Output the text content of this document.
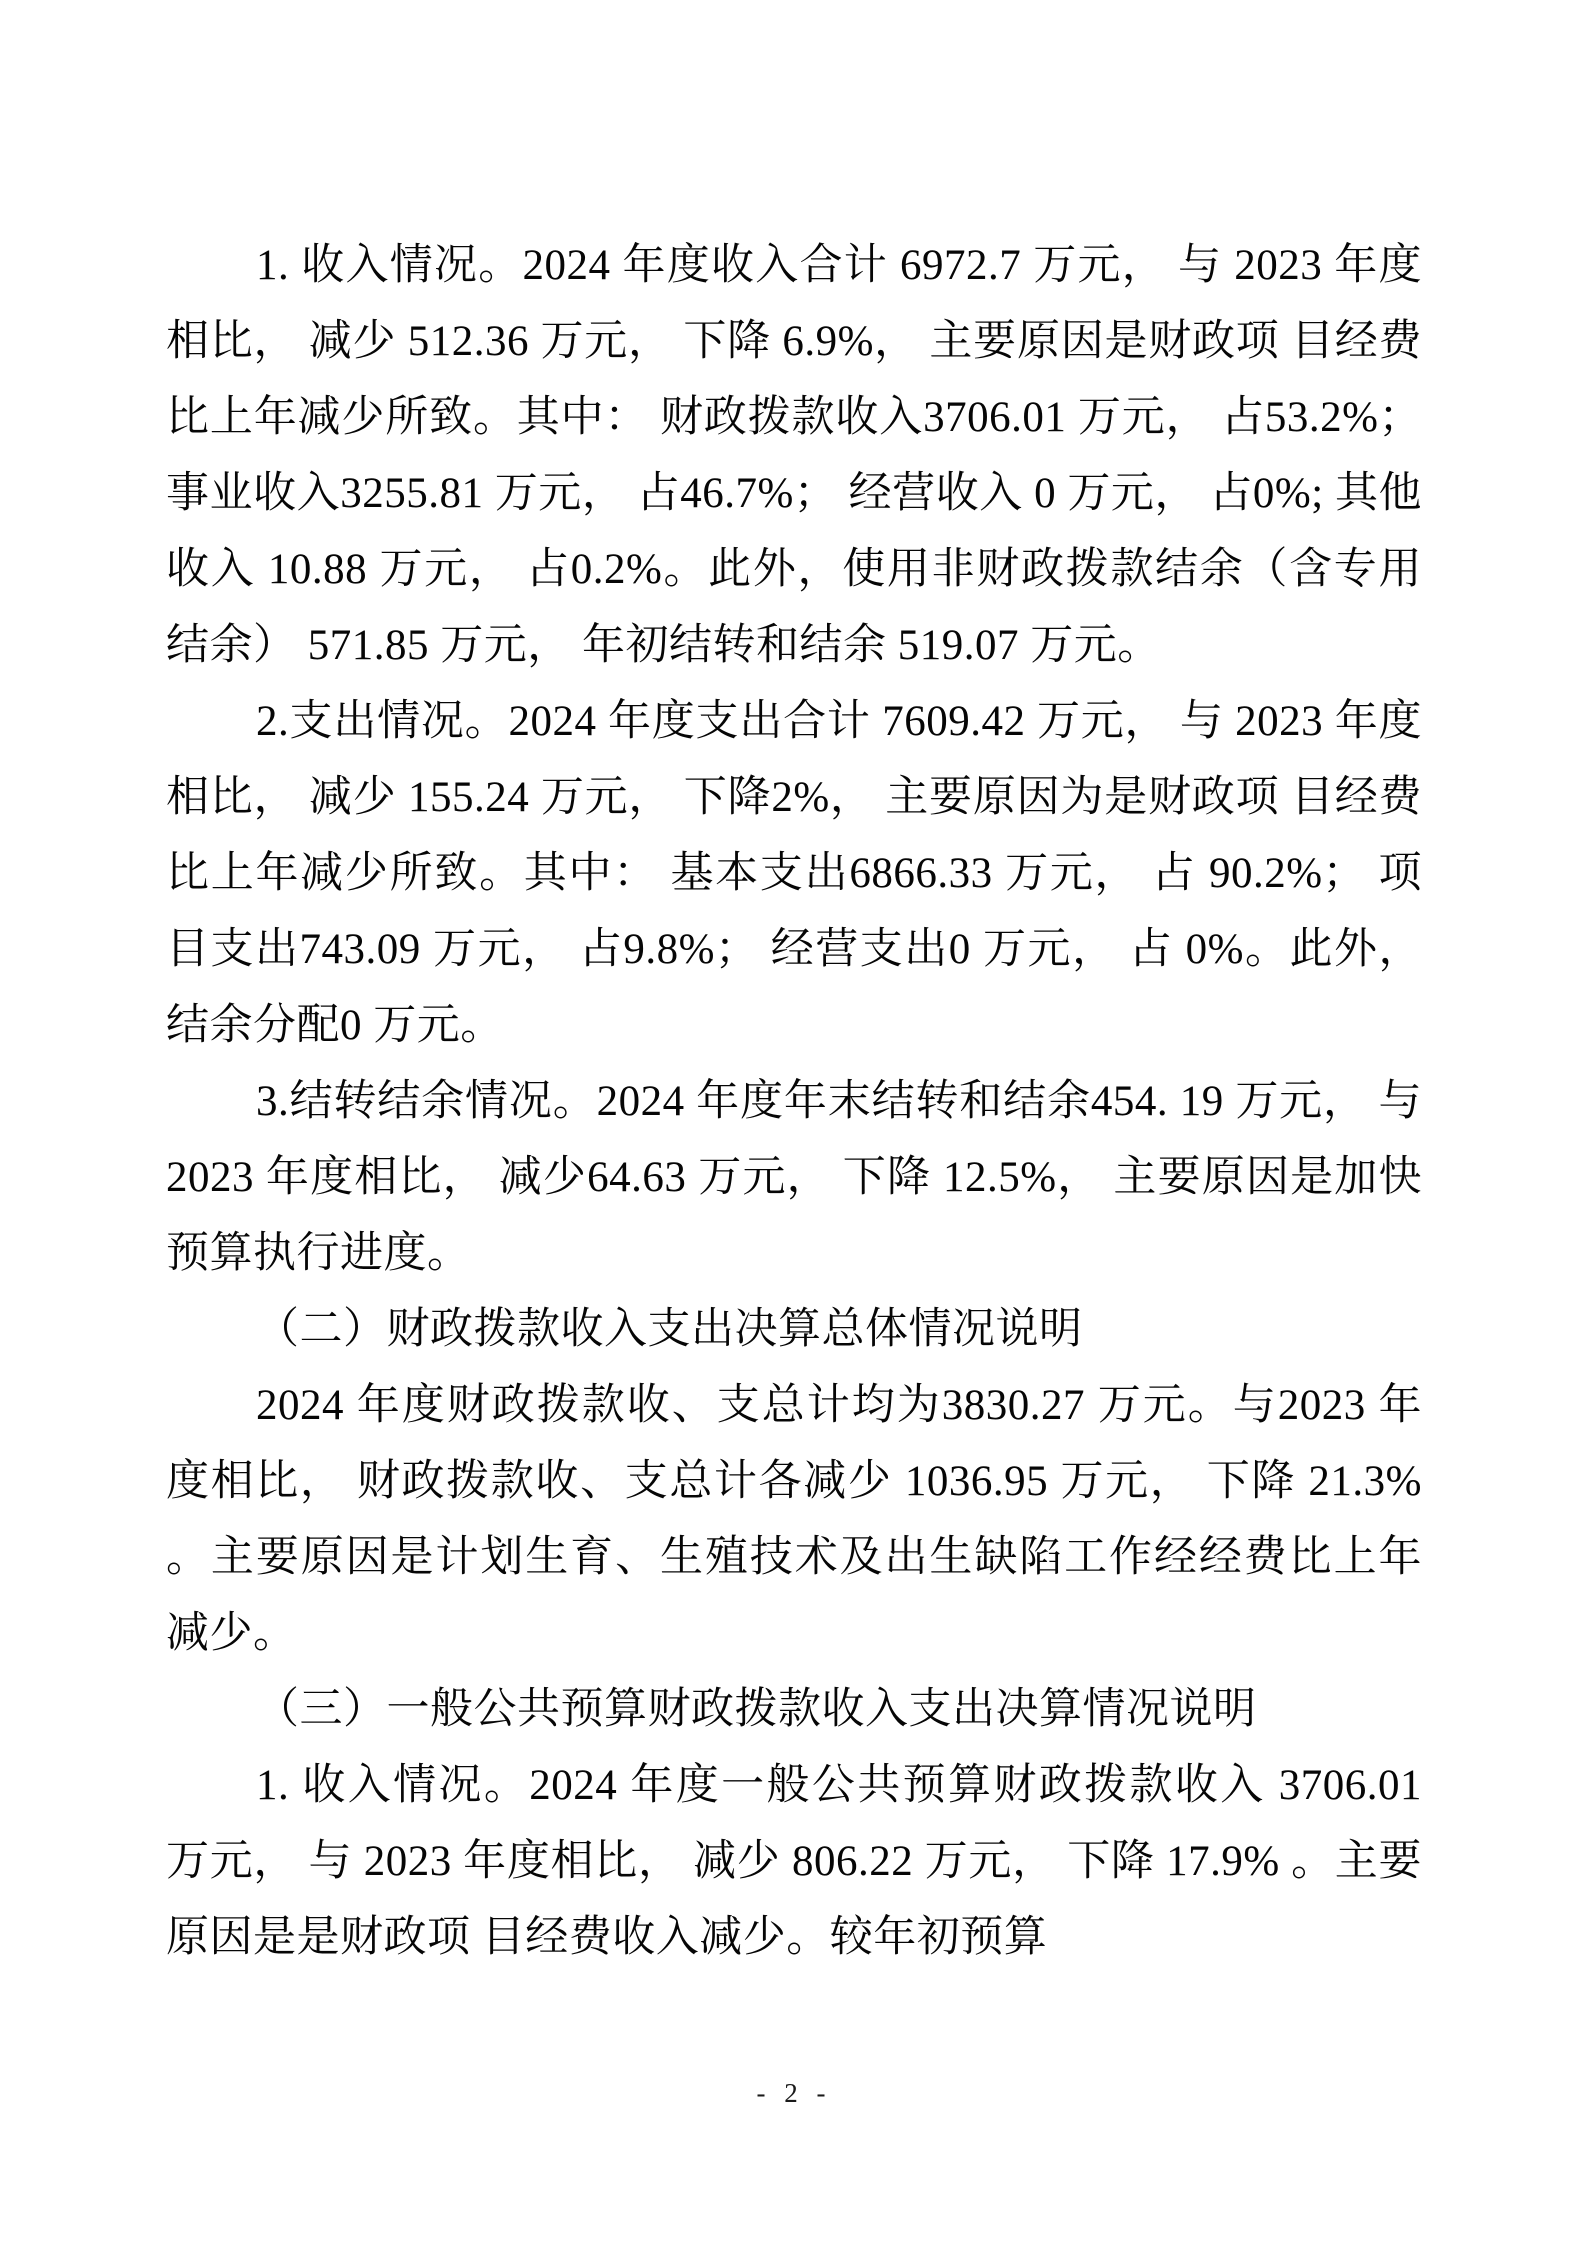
1. 收入情况。2024 年度收入合计 6972.7 万元， 与 2023 年度相比， 减少 512.36 万元， 下降 6.9%， 主要原因是财政项 目经费比上年减少所致。其中： 财政拨款收入3706.01 万元， 占53.2%； 事业收入3255.81 万元， 占46.7%； 经营收入 0 万元， 占0%; 其他收入 10.88 万元， 占0.2%。此外，使用非财政拨款结余（含专用结余） 571.85 万元， 年初结转和结余 519.07 万元。

2.支出情况。2024 年度支出合计 7609.42 万元， 与 2023 年度相比， 减少 155.24 万元， 下降2%， 主要原因为是财政项 目经费比上年减少所致。其中： 基本支出6866.33 万元， 占 90.2%； 项 目支出743.09 万元， 占9.8%； 经营支出0 万元， 占 0%。此外， 结余分配0 万元。

3.结转结余情况。2024 年度年末结转和结余454. 19 万元， 与 2023 年度相比， 减少64.63 万元， 下降 12.5%， 主要原因是加快预算执行进度。

（二）财政拨款收入支出决算总体情况说明

2024 年度财政拨款收、支总计均为3830.27 万元。与2023 年度相比， 财政拨款收、支总计各减少 1036.95 万元， 下降 21.3% 。主要原因是计划生育、生殖技术及出生缺陷工作经经费比上年减少。

（三）一般公共预算财政拨款收入支出决算情况说明

1. 收入情况。2024 年度一般公共预算财政拨款收入 3706.01 万元， 与 2023 年度相比， 减少 806.22 万元， 下降 17.9% 。主要原因是是财政项 目经费收入减少。较年初预算

- 2 -
